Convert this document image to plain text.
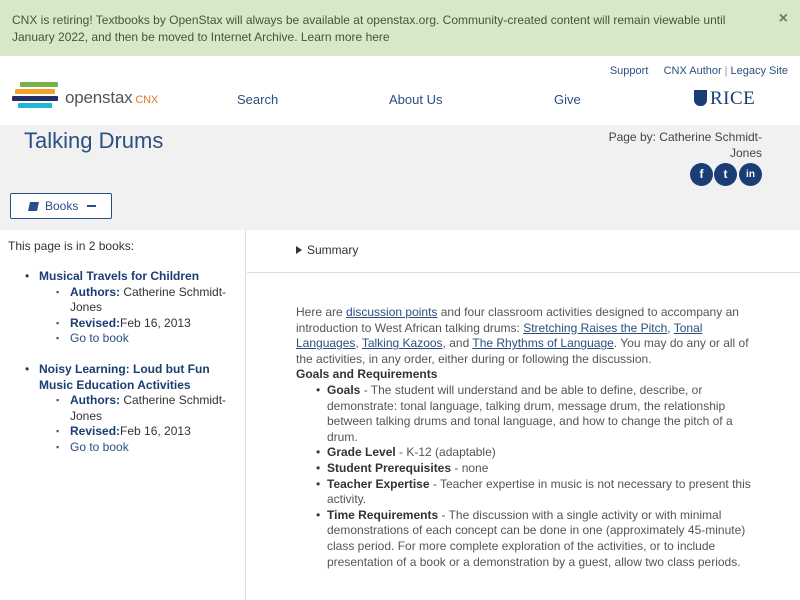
CNX is retiring! Textbooks by OpenStax will always be available at openstax.org. Community-created content will remain viewable until January 2022, and then be moved to Internet Archive. Learn more here
×
Support CNX Author | Legacy Site
openstax CNX	Search	About Us	Give	RICE
Talking Drums	Page by: Catherine Schmidt-Jones
f	t	in
Books
This page is in 2 books:
• Musical Travels for Children
▪ Authors: Catherine Schmidt-Jones
▪ Revised:Feb 16, 2013
▪ Go to book
• Noisy Learning: Loud but Fun Music Education Activities
▪ Authors: Catherine Schmidt-Jones
▪ Revised:Feb 16, 2013
▪ Go to book
Summary

Here are discussion points and four classroom activities designed to accompany an introduction to West African talking drums: Stretching Raises the Pitch, Tonal Languages, Talking Kazoos, and The Rhythms of Language. You may do any or all of the activities, in any order, either during or following the discussion.

Goals and Requirements
• Goals - The student will understand and be able to define, describe, or demonstrate: tonal language, talking drum, message drum, the relationship between talking drums and tonal language, and how to change the pitch of a drum.
• Grade Level - K-12 (adaptable)
• Student Prerequisites - none
• Teacher Expertise - Teacher expertise in music is not necessary to present this activity.
• Time Requirements - The discussion with a single activity or with minimal demonstrations of each concept can be done in one (approximately 45-minute) class period. For more complete exploration of the activities, or to include presentation of a book or a demonstration by a guest, allow two class periods.
